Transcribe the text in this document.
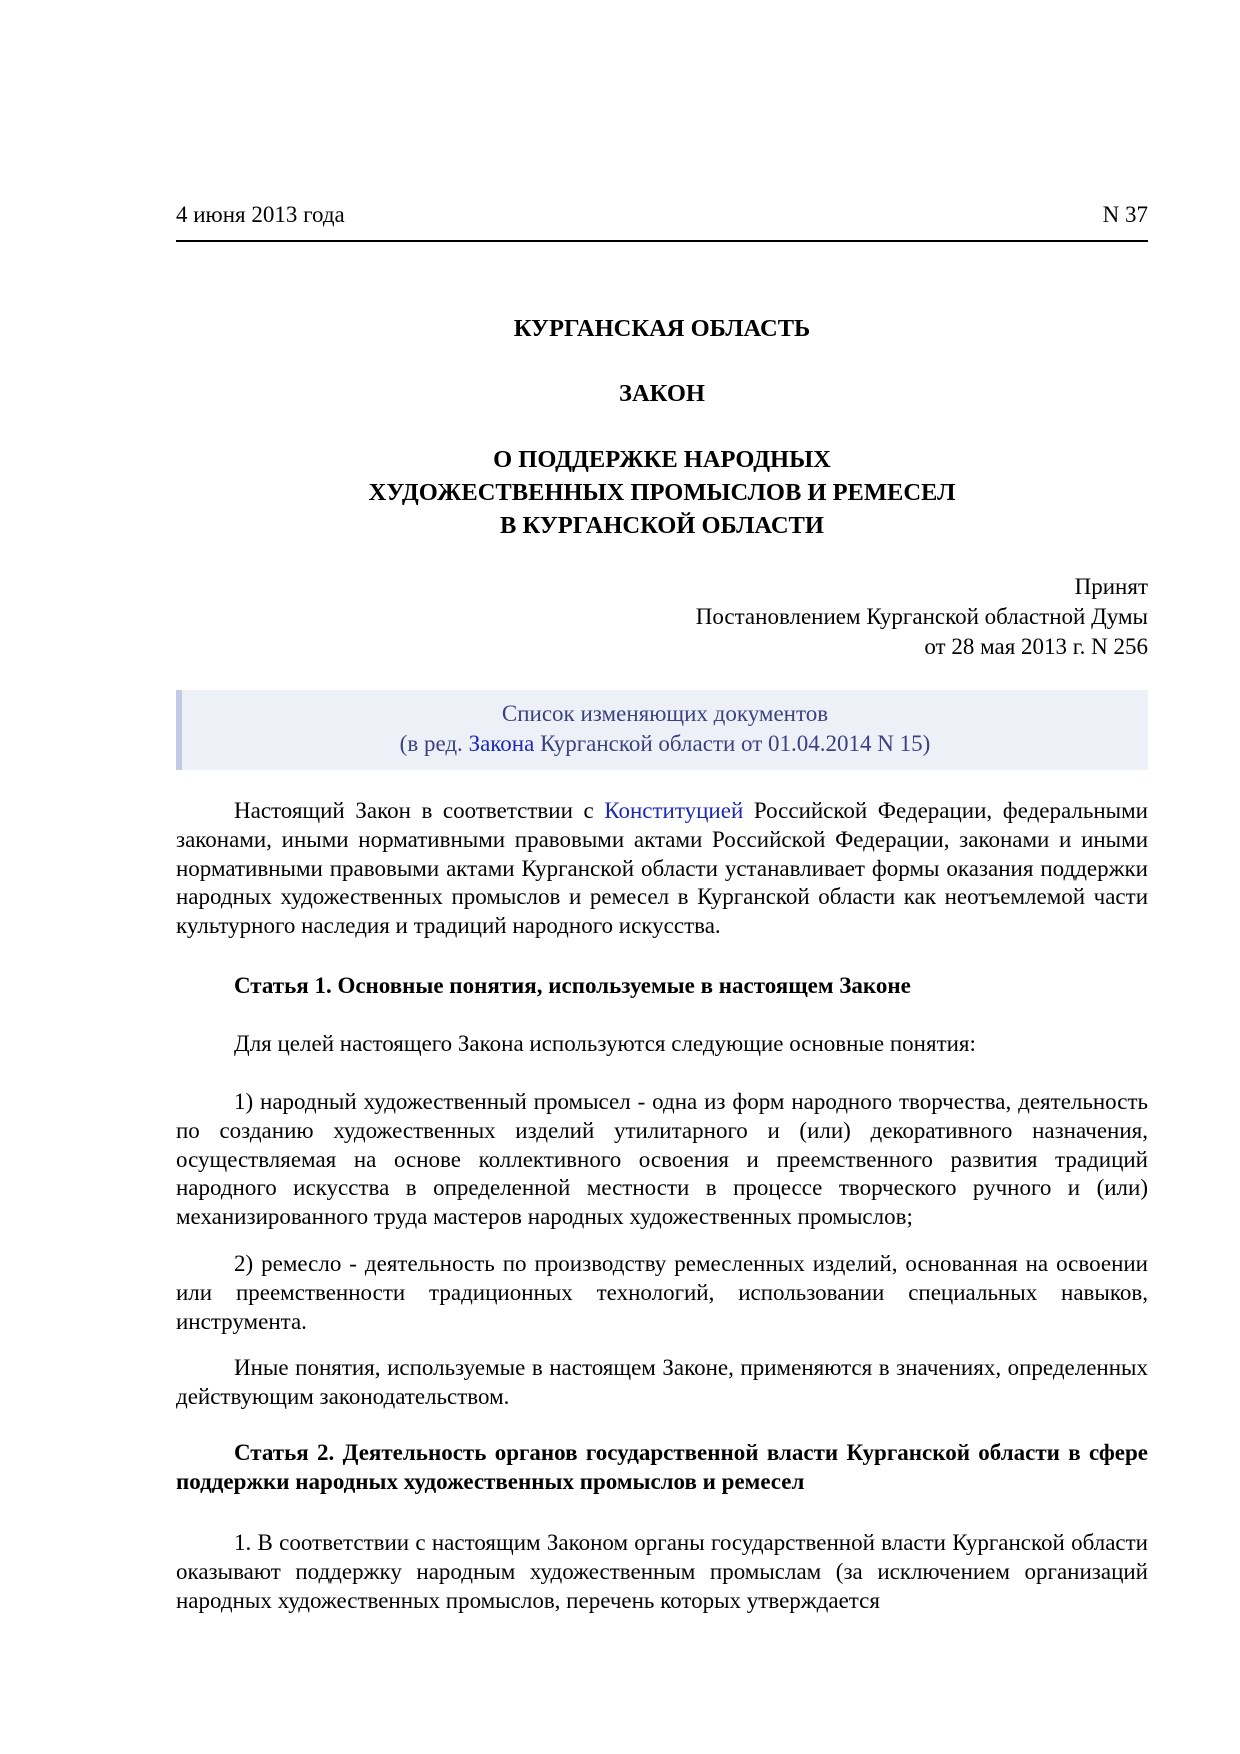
4 июня 2013 года	N 37
КУРГАНСКАЯ ОБЛАСТЬ
ЗАКОН
О ПОДДЕРЖКЕ НАРОДНЫХ
ХУДОЖЕСТВЕННЫХ ПРОМЫСЛОВ И РЕМЕСЕЛ
В КУРГАНСКОЙ ОБЛАСТИ
Принят
Постановлением Курганской областной Думы
от 28 мая 2013 г. N 256
Список изменяющих документов
(в ред. Закона Курганской области от 01.04.2014 N 15)
Настоящий Закон в соответствии с Конституцией Российской Федерации, федеральными законами, иными нормативными правовыми актами Российской Федерации, законами и иными нормативными правовыми актами Курганской области устанавливает формы оказания поддержки народных художественных промыслов и ремесел в Курганской области как неотъемлемой части культурного наследия и традиций народного искусства.
Статья 1. Основные понятия, используемые в настоящем Законе
Для целей настоящего Закона используются следующие основные понятия:
1) народный художественный промысел - одна из форм народного творчества, деятельность по созданию художественных изделий утилитарного и (или) декоративного назначения, осуществляемая на основе коллективного освоения и преемственного развития традиций народного искусства в определенной местности в процессе творческого ручного и (или) механизированного труда мастеров народных художественных промыслов;
2) ремесло - деятельность по производству ремесленных изделий, основанная на освоении или преемственности традиционных технологий, использовании специальных навыков, инструмента.
Иные понятия, используемые в настоящем Законе, применяются в значениях, определенных действующим законодательством.
Статья 2. Деятельность органов государственной власти Курганской области в сфере поддержки народных художественных промыслов и ремесел
1. В соответствии с настоящим Законом органы государственной власти Курганской области оказывают поддержку народным художественным промыслам (за исключением организаций народных художественных промыслов, перечень которых утверждается
